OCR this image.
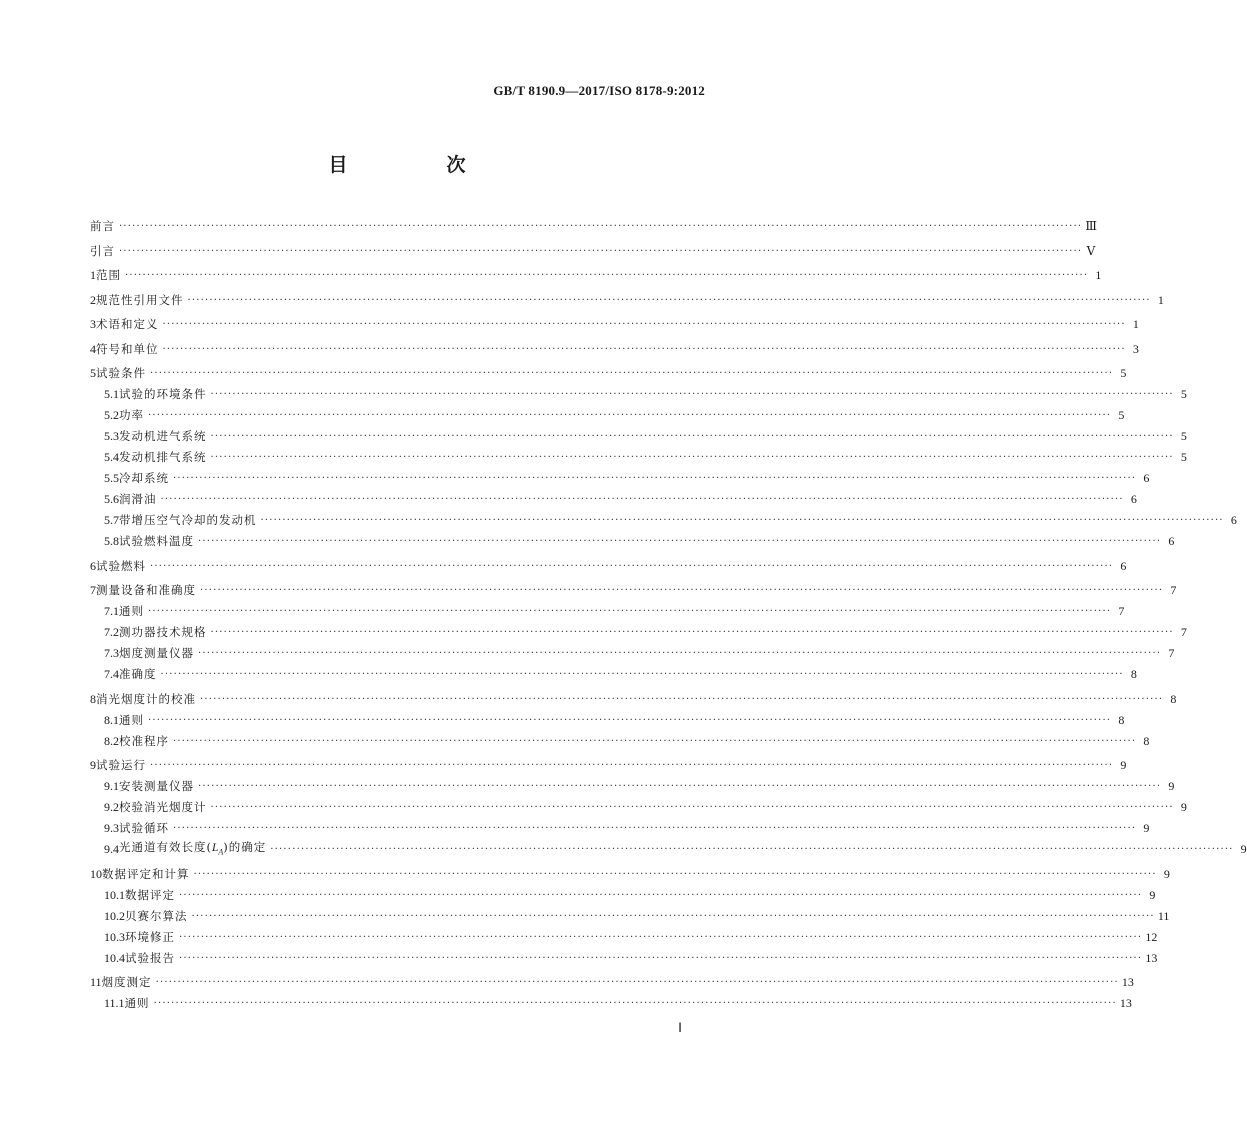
GB/T 8190.9—2017/ISO 8178-9:2012
目　次
前言 ···························································································································································································································· Ⅲ
引言 ···························································································································································································································· Ⅴ
1 范围 ···························································································································································································································· 1
2 规范性引用文件 ···························································································································································································································· 1
3 术语和定义 ···························································································································································································································· 1
4 符号和单位 ···························································································································································································································· 3
5 试验条件 ···························································································································································································································· 5
5.1 试验的环境条件 ···························································································································································································································· 5
5.2 功率 ···························································································································································································································· 5
5.3 发动机进气系统 ···························································································································································································································· 5
5.4 发动机排气系统 ···························································································································································································································· 5
5.5 冷却系统 ···························································································································································································································· 6
5.6 润滑油 ···························································································································································································································· 6
5.7 带增压空气冷却的发动机 ···························································································································································································································· 6
5.8 试验燃料温度 ···························································································································································································································· 6
6 试验燃料 ···························································································································································································································· 6
7 测量设备和准确度 ···························································································································································································································· 7
7.1 通则 ···························································································································································································································· 7
7.2 测功器技术规格 ···························································································································································································································· 7
7.3 烟度测量仪器 ···························································································································································································································· 7
7.4 准确度 ···························································································································································································································· 8
8 消光烟度计的校准 ···························································································································································································································· 8
8.1 通则 ···························································································································································································································· 8
8.2 校准程序 ···························································································································································································································· 8
9 试验运行 ···························································································································································································································· 9
9.1 安装测量仪器 ···························································································································································································································· 9
9.2 校验消光烟度计 ···························································································································································································································· 9
9.3 试验循环 ···························································································································································································································· 9
9.4 光通道有效长度$(L_A)$的确定 ···························································································································································································································· 9
10 数据评定和计算 ···························································································································································································································· 9
10.1 数据评定 ···························································································································································································································· 9
10.2 贝赛尔算法 ···························································································································································································································· 11
10.3 环境修正 ···························································································································································································································· 12
10.4 试验报告 ···························································································································································································································· 13
11 烟度测定 ···························································································································································································································· 13
11.1 通则 ···························································································································································································································· 13
Ⅰ
